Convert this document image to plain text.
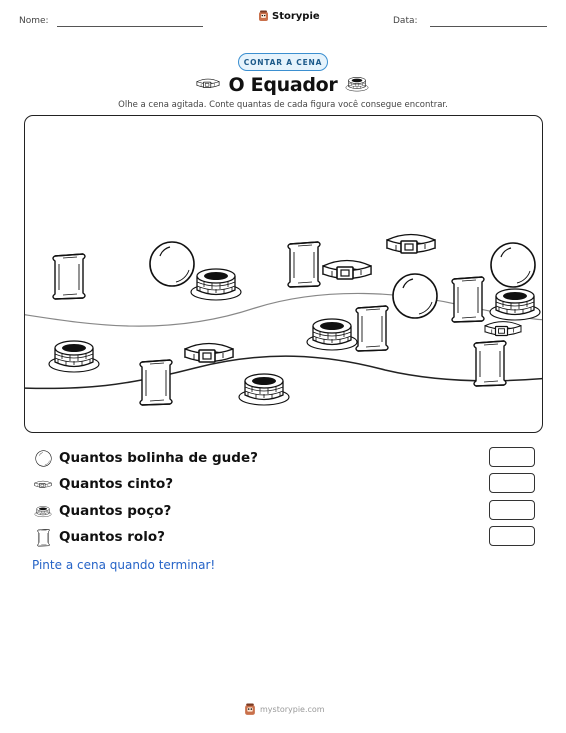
Nome:	Storypie	Data:
CONTAR A CENA
O Equador
Olhe a cena agitada. Conte quantas de cada figura você consegue encontrar.
Quantos bolinha de gude?
Quantos cinto?
Quantos poço?
Quantos rolo?
Pinte a cena quando terminar!
mystorypie.com
